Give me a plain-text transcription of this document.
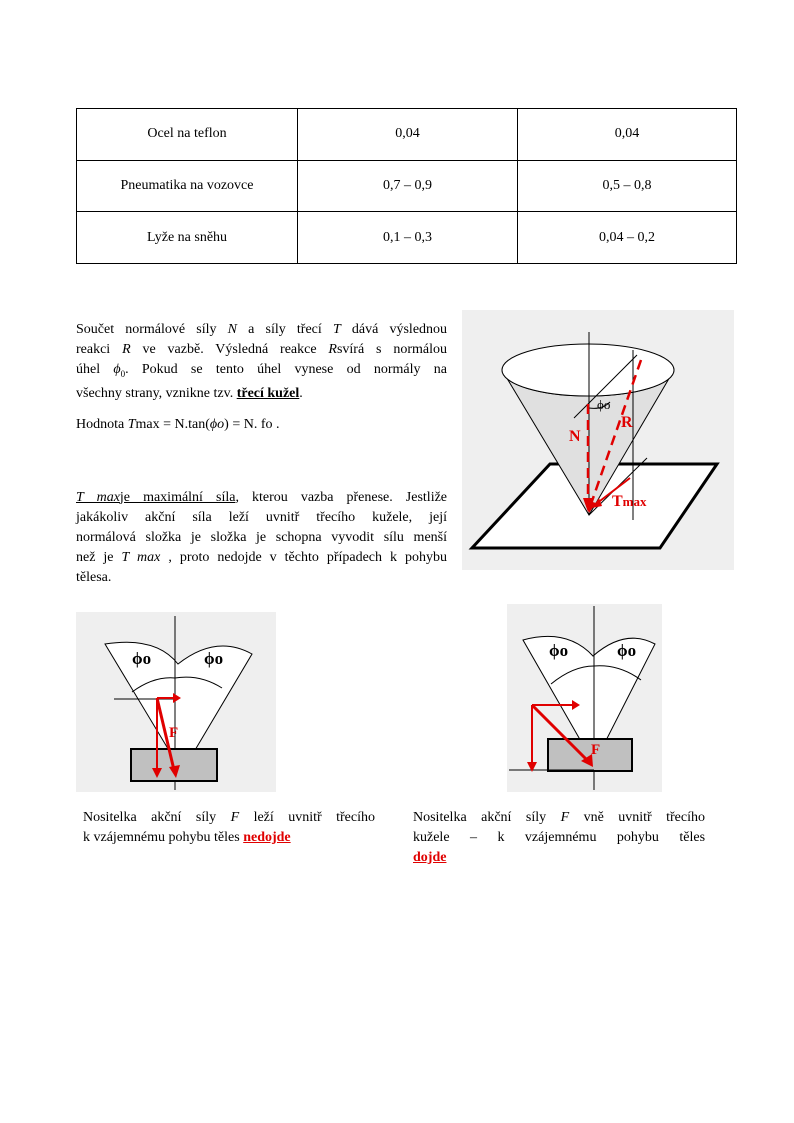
Ocel na teflon	0,04	0,04
Pneumatika na vozovce	0,7 – 0,9	0,5 – 0,8
Lyže na sněhu	0,1 – 0,3	0,04 – 0,2
Součet normálové síly N a síly třecí T dává výslednou
reakci R ve vazbě. Výsledná reakce Rsvírá s normálou
úhel $\phi_0$. Pokud se tento úhel vynese od normály na
všechny strany, vznikne tzv. třecí kužel.
Hodnota Tmax = N.tan(ϕo) = N. fo .
T maxje maximální síla, kterou vazba přenese. Jestliže
jakákoliv akční síla leží uvnitř třecího kužele, její
normálová složka je složka je schopna vyvodit sílu menší
než je T max , proto nedojde v těchto případech k pohybu
tělesa.
ϕo
N
R
Tmax
ϕo	ϕo
F
ϕo	ϕo
F
Nositelka akční síly F leží uvnitř třecího
k vzájemnému pohybu těles nedojde
Nositelka akční síly F vně uvnitř třecího
kužele – k vzájemnému pohybu těles
dojde
